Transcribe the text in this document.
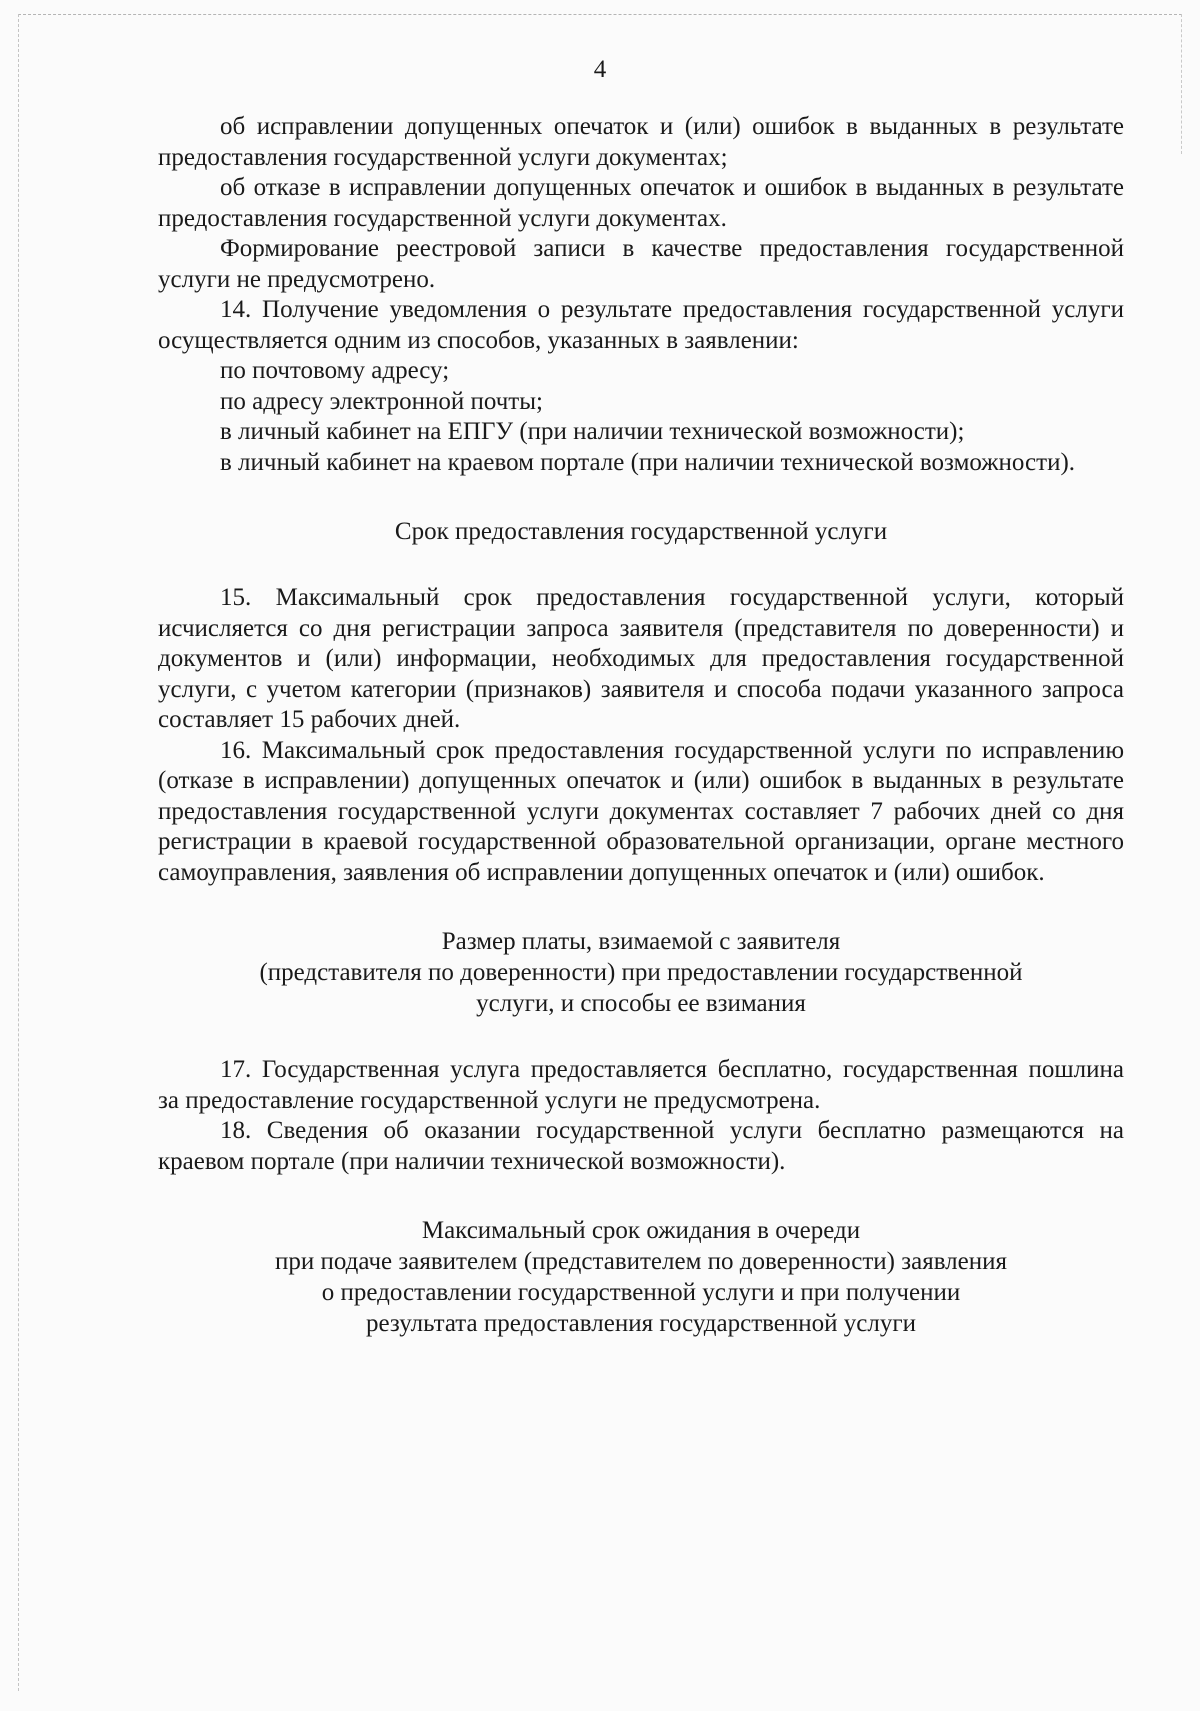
4

об исправлении допущенных опечаток и (или) ошибок в выданных в результате предоставления государственной услуги документах;

об отказе в исправлении допущенных опечаток и ошибок в выданных в результате предоставления государственной услуги документах.

Формирование реестровой записи в качестве предоставления государственной услуги не предусмотрено.

14. Получение уведомления о результате предоставления государственной услуги осуществляется одним из способов, указанных в заявлении:

по почтовому адресу;

по адресу электронной почты;

в личный кабинет на ЕПГУ (при наличии технической возможности);

в личный кабинет на краевом портале (при наличии технической возможности).

Срок предоставления государственной услуги

15. Максимальный срок предоставления государственной услуги, который исчисляется со дня регистрации запроса заявителя (представителя по доверенности) и документов и (или) информации, необходимых для предоставления государственной услуги, с учетом категории (признаков) заявителя и способа подачи указанного запроса составляет 15 рабочих дней.

16. Максимальный срок предоставления государственной услуги по исправлению (отказе в исправлении) допущенных опечаток и (или) ошибок в выданных в результате предоставления государственной услуги документах составляет 7 рабочих дней со дня регистрации в краевой государственной образовательной организации, органе местного самоуправления, заявления об исправлении допущенных опечаток и (или) ошибок.

Размер платы, взимаемой с заявителя

(представителя по доверенности) при предоставлении государственной

услуги, и способы ее взимания

17. Государственная услуга предоставляется бесплатно, государственная пошлина за предоставление государственной услуги не предусмотрена.

18. Сведения об оказании государственной услуги бесплатно размещаются на краевом портале (при наличии технической возможности).

Максимальный срок ожидания в очереди

при подаче заявителем (представителем по доверенности) заявления

о предоставлении государственной услуги и при получении

результата предоставления государственной услуги
